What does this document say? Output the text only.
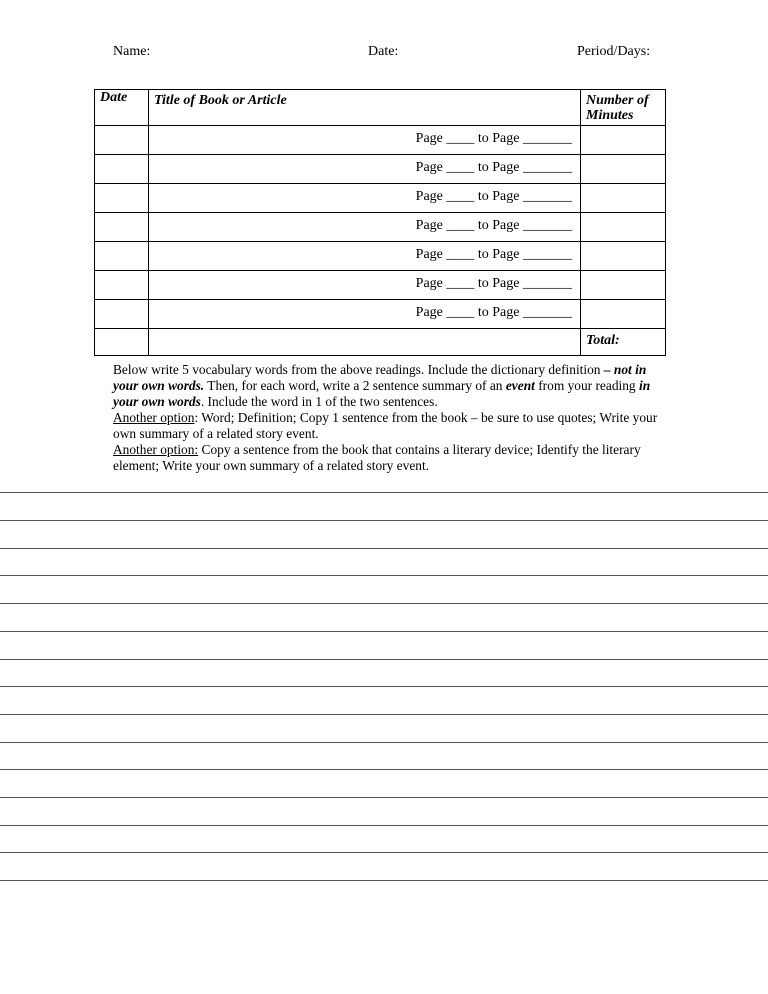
Name:	Date:	Period/Days:
Date	Title of Book or Article	Number of
Minutes

	Page ____ to Page _______	
	Page ____ to Page _______	
	Page ____ to Page _______	
	Page ____ to Page _______	
	Page ____ to Page _______	
	Page ____ to Page _______	
	Page ____ to Page _______	
		Total:

Below write 5 vocabulary words from the above readings. Include the dictionary definition – not in your own words. Then, for each word, write a 2 sentence summary of an event from your reading in your own words. Include the word in 1 of the two sentences.

Another option: Word; Definition; Copy 1 sentence from the book – be sure to use quotes; Write your own summary of a related story event.

Another option: Copy a sentence from the book that contains a literary device; Identify the literary element; Write your own summary of a related story event.
